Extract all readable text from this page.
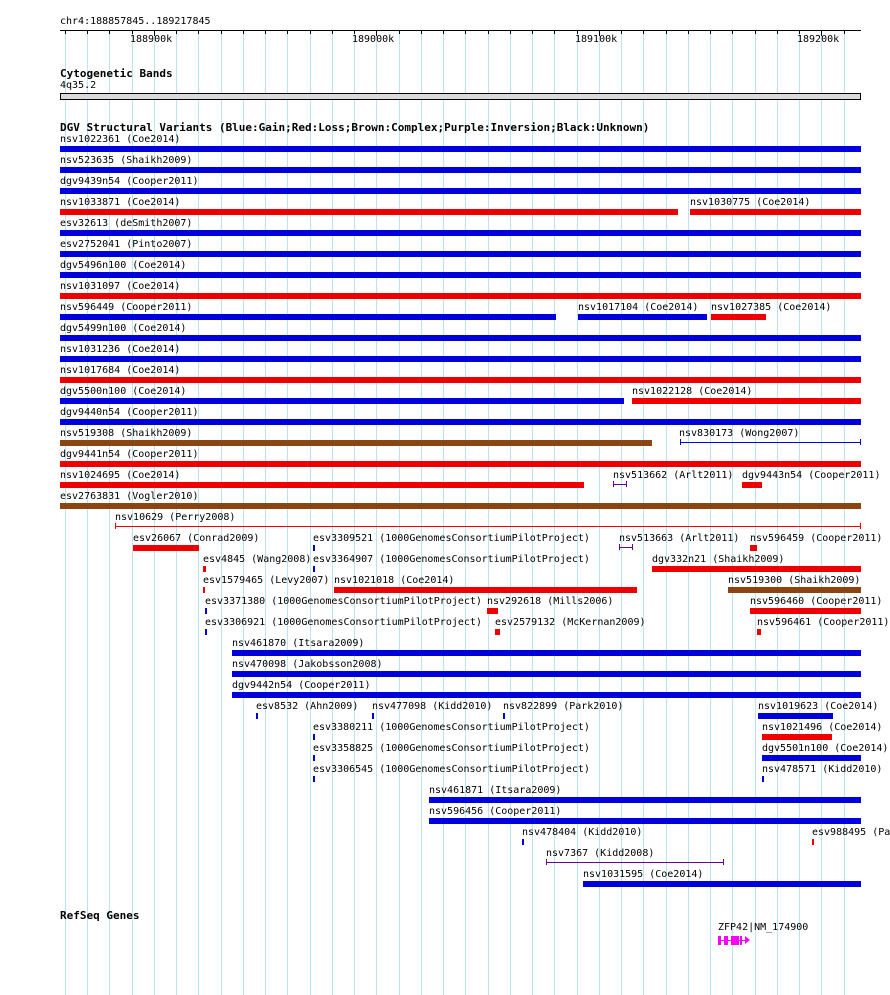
chr4:188857845..189217845
188900k	189000k	189100k	189200k
Cytogenetic Bands
4q35.2
DGV Structural Variants (Blue:Gain;Red:Loss;Brown:Complex;Purple:Inversion;Black:Unknown)
nsv1022361 (Coe2014)
nsv523635 (Shaikh2009)
dgv9439n54 (Cooper2011)
nsv1033871 (Coe2014)	nsv1030775 (Coe2014)
esv32613 (deSmith2007)
esv2752041 (Pinto2007)
dgv5496n100 (Coe2014)
nsv1031097 (Coe2014)
nsv596449 (Cooper2011)	nsv1017104 (Coe2014) nsv1027385 (Coe2014)
dgv5499n100 (Coe2014)
nsv1031236 (Coe2014)
nsv1017684 (Coe2014)
dgv5500n100 (Coe2014)	nsv1022128 (Coe2014)
dgv9440n54 (Cooper2011)
nsv519308 (Shaikh2009)	nsv830173 (Wong2007)
dgv9441n54 (Cooper2011)
nsv1024695 (Coe2014)	nsv513662 (Arlt2011) dgv9443n54 (Cooper2011)
esv2763831 (Vogler2010)
nsv10629 (Perry2008)
esv26067 (Conrad2009)	esv3309521 (1000GenomesConsortiumPilotProject)	nsv513663 (Arlt2011) nsv596459 (Cooper2011)
esv4845 (Wang2008) esv3364907 (1000GenomesConsortiumPilotProject)	dgv332n21 (Shaikh2009)
esv1579465 (Levy2007) nsv1021018 (Coe2014)	nsv519300 (Shaikh2009)
esv3371380 (1000GenomesConsortiumPilotProject) nsv292618 (Mills2006)	nsv596460 (Cooper2011)
esv3306921 (1000GenomesConsortiumPilotProject) esv2579132 (McKernan2009)	nsv596461 (Cooper2011)
nsv461870 (Itsara2009)
nsv470098 (Jakobsson2008)
dgv9442n54 (Cooper2011)
esv8532 (Ahn2009) nsv477098 (Kidd2010) nsv822899 (Park2010)	nsv1019623 (Coe2014)
esv3380211 (1000GenomesConsortiumPilotProject)	nsv1021496 (Coe2014)
esv3358825 (1000GenomesConsortiumPilotProject)	dgv5501n100 (Coe2014)
esv3306545 (1000GenomesConsortiumPilotProject)	nsv478571 (Kidd2010)
nsv461871 (Itsara2009)
nsv596456 (Cooper2011)
nsv478404 (Kidd2010)	esv988495 (Pa
nsv7367 (Kidd2008)
nsv1031595 (Coe2014)
RefSeq Genes
ZFP42|NM_174900
